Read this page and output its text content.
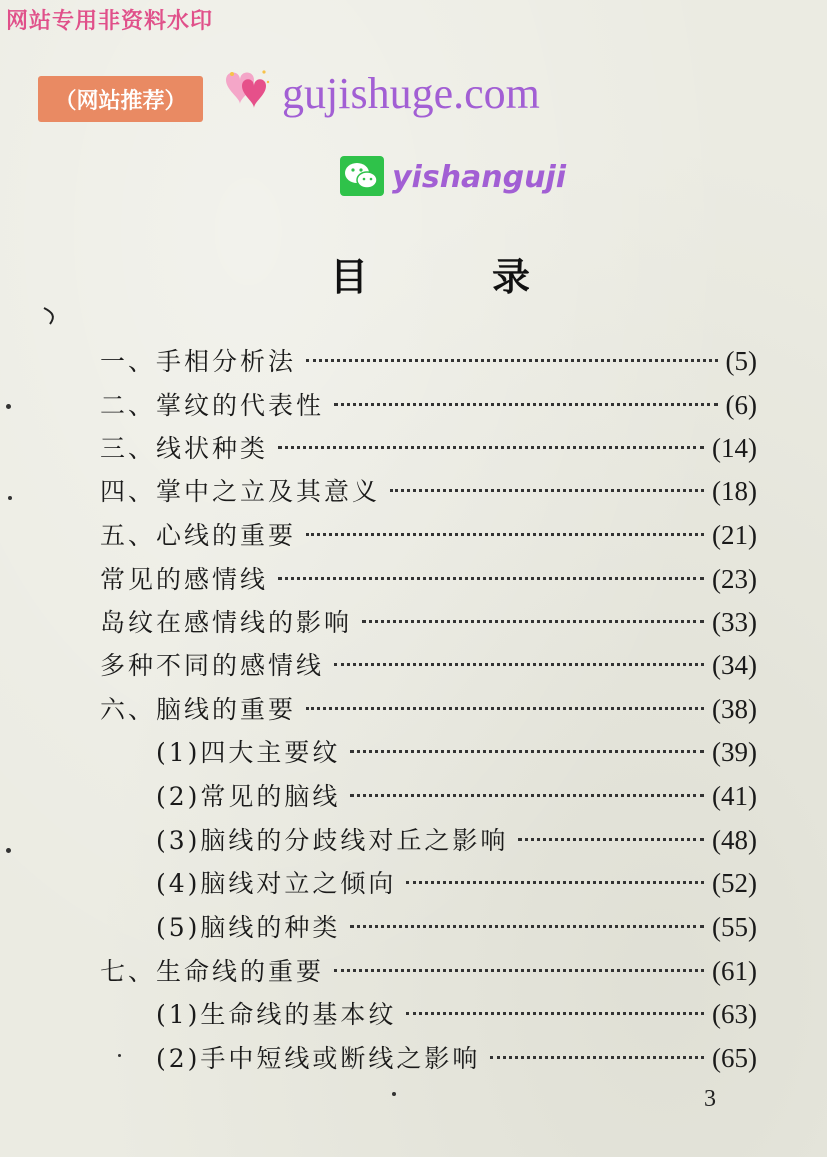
网站专用非资料水印
（网站推荐）	gujishuge.com
yishanguji
目	录
一、手相分析法	(5)
二、掌纹的代表性	(6)
三、线状种类	(14)
四、掌中之立及其意义	(18)
五、心线的重要	(21)
常见的感情线	(23)
岛纹在感情线的影响	(33)
多种不同的感情线	(34)
六、脑线的重要	(38)
(1)四大主要纹	(39)
(2)常见的脑线	(41)
(3)脑线的分歧线对丘之影响	(48)
(4)脑线对立之倾向	(52)
(5)脑线的种类	(55)
七、生命线的重要	(61)
(1)生命线的基本纹	(63)
(2)手中短线或断线之影响	(65)
3
